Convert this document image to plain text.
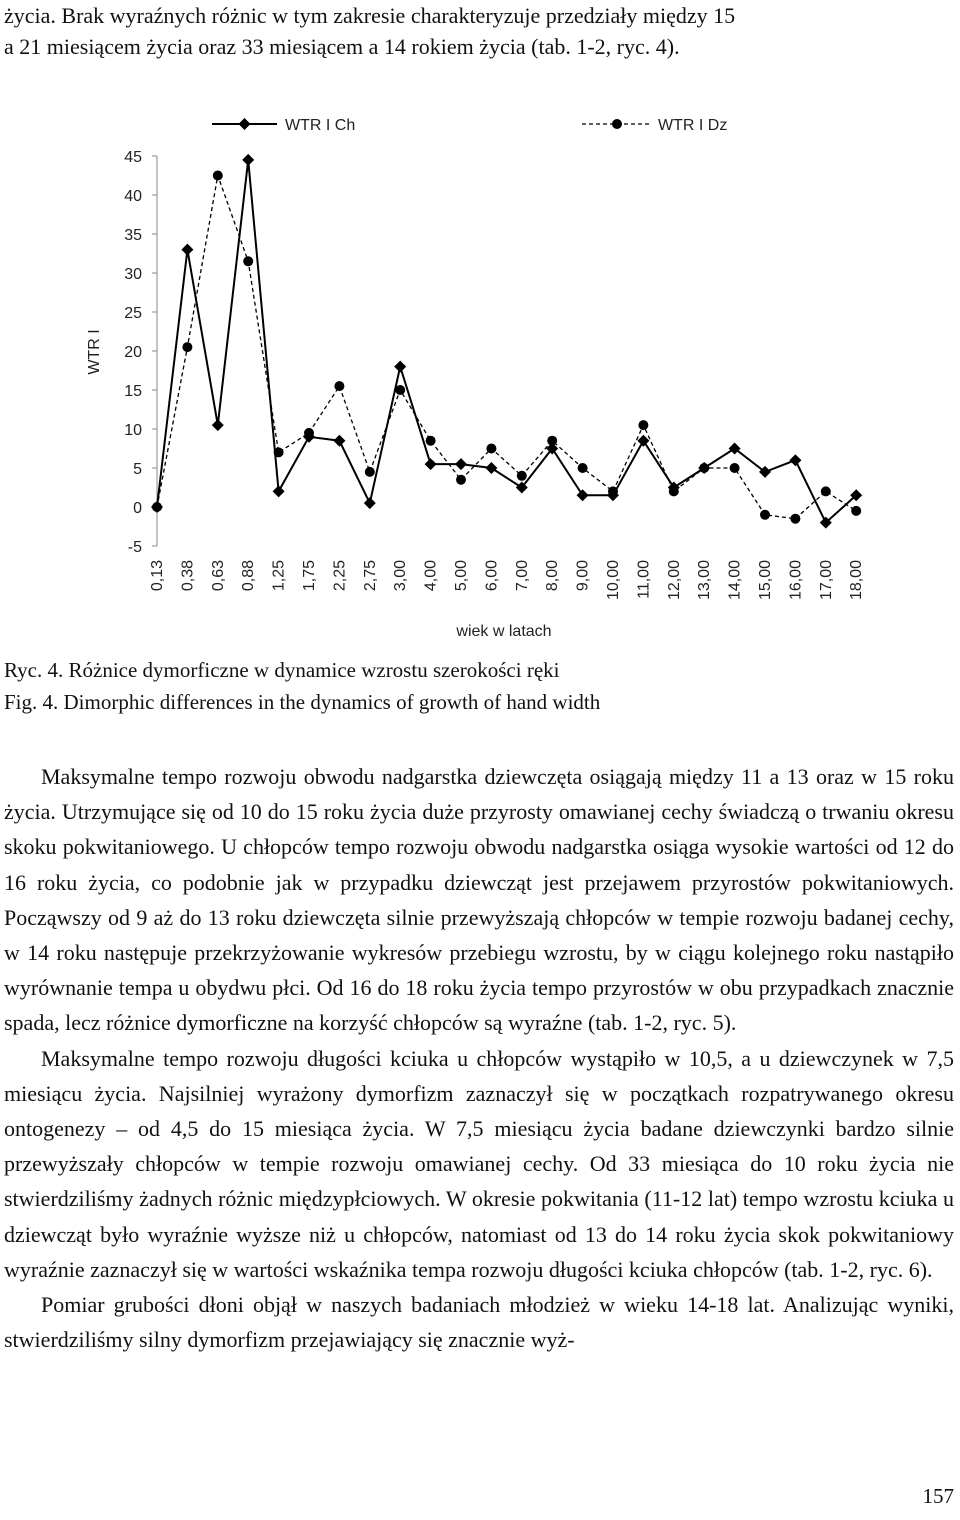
życia. Brak wyraźnych różnic w tym zakresie charakteryzuje przedziały między 15
a 21 miesiącem życia oraz 33 miesiącem a 14 rokiem życia (tab. 1-2, ryc. 4).
-5
0
5
10
15
20
25
30
35
40
45
0,13 0,38 0,63 0,88 1,25 1,75 2,25 2,75 3,00 4,00 5,00 6,00 7,00 8,00 9,00 10,00 11,00 12,00 13,00 14,00 15,00 16,00 17,00 18,00
WTR I Ch	WTR I Dz
WTR I
wiek w latach
Ryc. 4. Różnice dymorficzne w dynamice wzrostu szerokości ręki
Fig. 4. Dimorphic differences in the dynamics of growth of hand width

Maksymalne tempo rozwoju obwodu nadgarstka dziewczęta osiągają między 11 a 13 oraz w 15 roku życia. Utrzymujące się od 10 do 15 roku życia duże przyrosty omawianej cechy świadczą o trwaniu okresu skoku pokwitaniowego. U chłopców tempo rozwoju obwodu nadgarstka osiąga wysokie wartości od 12 do 16 roku życia, co podobnie jak w przypadku dziewcząt jest przejawem przyrostów pokwitaniowych. Począwszy od 9 aż do 13 roku dziewczęta silnie przewyższają chłopców w tempie rozwoju badanej cechy, w 14 roku następuje przekrzyżowanie wykresów przebiegu wzrostu, by w ciągu kolejnego roku nastąpiło wyrównanie tempa u obydwu płci. Od 16 do 18 roku życia tempo przyrostów w obu przypadkach znacznie spada, lecz różnice dymorficzne na korzyść chłopców są wyraźne (tab. 1-2, ryc. 5).

Maksymalne tempo rozwoju długości kciuka u chłopców wystąpiło w 10,5, a u dziewczynek w 7,5 miesiącu życia. Najsilniej wyrażony dymorfizm zaznaczył się w początkach rozpatrywanego okresu ontogenezy – od 4,5 do 15 miesiąca życia. W 7,5 miesiącu życia badane dziewczynki bardzo silnie przewyższały chłopców w tempie rozwoju omawianej cechy. Od 33 miesiąca do 10 roku życia nie stwierdziliśmy żadnych różnic międzypłciowych. W okresie pokwitania (11-12 lat) tempo wzrostu kciuka u dziewcząt było wyraźnie wyższe niż u chłopców, natomiast od 13 do 14 roku życia skok pokwitaniowy wyraźnie zaznaczył się w wartości wskaźnika tempa rozwoju długości kciuka chłopców (tab. 1-2, ryc. 6).

Pomiar grubości dłoni objął w naszych badaniach młodzież w wieku 14-18 lat. Analizując wyniki, stwierdziliśmy silny dymorfizm przejawiający się znacznie wyż-

157
